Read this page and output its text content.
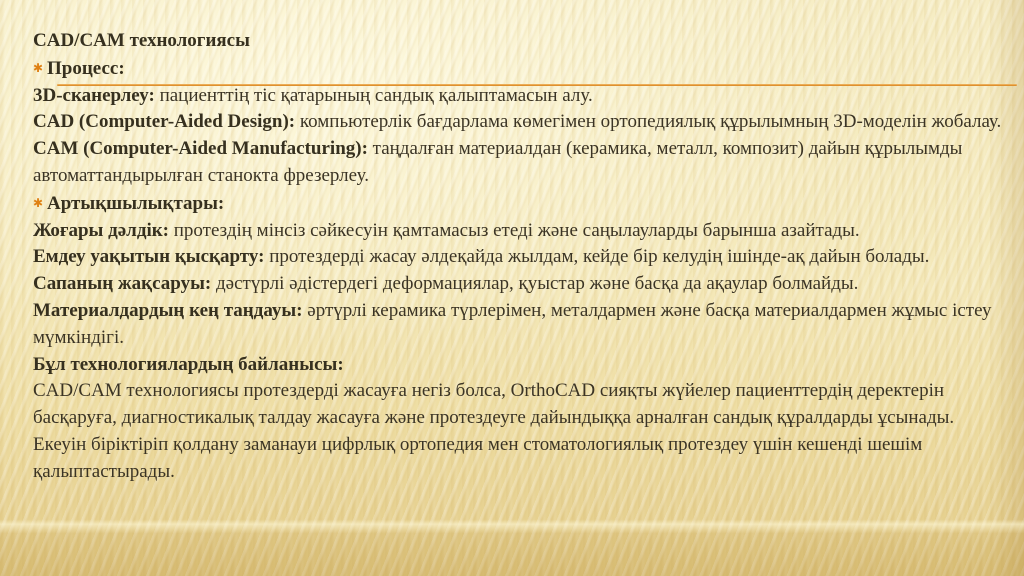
CAD/CAM технологиясы
✱ Процесс:
3D-сканерлеу: пациенттің тіс қатарының сандық қалыптамасын алу.
CAD (Computer-Aided Design): компьютерлік бағдарлама көмегімен ортопедиялық құрылымның 3D-моделін жобалау.
CAM (Computer-Aided Manufacturing): таңдалған материалдан (керамика, металл, композит) дайын құрылымды автоматтандырылған станокта фрезерлеу.
✱ Артықшылықтары:
Жоғары дәлдік: протездің мінсіз сәйкесуін қамтамасыз етеді және саңылауларды барынша азайтады.
Емдеу уақытын қысқарту: протездерді жасау әлдеқайда жылдам, кейде бір келудің ішінде-ақ дайын болады.
Сапаның жақсаруы: дәстүрлі әдістердегі деформациялар, қуыстар және басқа да ақаулар болмайды.
Материалдардың кең таңдауы: әртүрлі керамика түрлерімен, металдармен және басқа материалдармен жұмыс істеу мүмкіндігі.
Бұл технологиялардың байланысы:
CAD/CAM технологиясы протездерді жасауға негіз болса, OrthoCAD сияқты жүйелер пациенттердің деректерін басқаруға, диагностикалық талдау жасауға және протездеуге дайындыққа арналған сандық құралдарды ұсынады. Екеуін біріктіріп қолдану заманауи цифрлық ортопедия мен стоматологиялық протездеу үшін кешенді шешім қалыптастырады.
